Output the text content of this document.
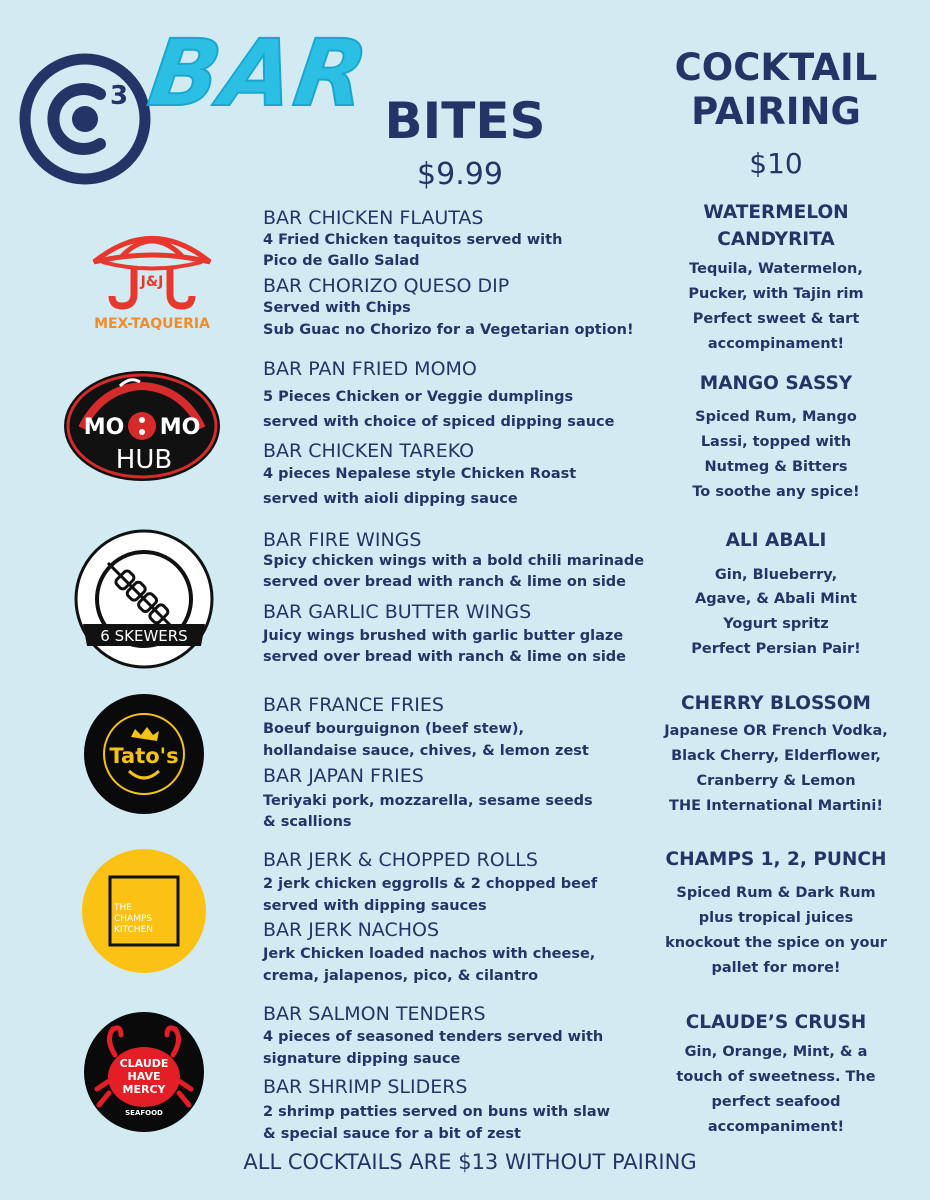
3 BAR BITES
$9.99
COCKTAIL
PAIRING
$10
J&J
MEX-TAQUERIA
MO MO
HUB
6 SKEWERS
Tato's
THE
CHAMPS
KITCHEN
CLAUDE
HAVE
MERCY
SEAFOOD
BAR CHICKEN FLAUTAS
4 Fried Chicken taquitos served with
Pico de Gallo Salad
BAR CHORIZO QUESO DIP
Served with Chips
Sub Guac no Chorizo for a Vegetarian option!
BAR PAN FRIED MOMO
5 Pieces Chicken or Veggie dumplings
served with choice of spiced dipping sauce
BAR CHICKEN TAREKO
4 pieces Nepalese style Chicken Roast
served with aioli dipping sauce
BAR FIRE WINGS
Spicy chicken wings with a bold chili marinade
served over bread with ranch & lime on side
BAR GARLIC BUTTER WINGS
Juicy wings brushed with garlic butter glaze
served over bread with ranch & lime on side
BAR FRANCE FRIES
Boeuf bourguignon (beef stew),
hollandaise sauce, chives, & lemon zest
BAR JAPAN FRIES
Teriyaki pork, mozzarella, sesame seeds
& scallions
BAR JERK & CHOPPED ROLLS
2 jerk chicken eggrolls & 2 chopped beef
served with dipping sauces
BAR JERK NACHOS
Jerk Chicken loaded nachos with cheese,
crema, jalapenos, pico, & cilantro
BAR SALMON TENDERS
4 pieces of seasoned tenders served with
signature dipping sauce
BAR SHRIMP SLIDERS
2 shrimp patties served on buns with slaw
& special sauce for a bit of zest
WATERMELON
CANDYRITA
Tequila, Watermelon,
Pucker, with Tajin rim
Perfect sweet & tart
accompinament!
MANGO SASSY
Spiced Rum, Mango
Lassi, topped with
Nutmeg & Bitters
To soothe any spice!
ALI ABALI
Gin, Blueberry,
Agave, & Abali Mint
Yogurt spritz
Perfect Persian Pair!
CHERRY BLOSSOM
Japanese OR French Vodka,
Black Cherry, Elderflower,
Cranberry & Lemon
THE International Martini!
CHAMPS 1, 2, PUNCH
Spiced Rum & Dark Rum
plus tropical juices
knockout the spice on your
pallet for more!
CLAUDE’S CRUSH
Gin, Orange, Mint, & a
touch of sweetness. The
perfect seafood
accompaniment!
ALL COCKTAILS ARE $13 WITHOUT PAIRING
